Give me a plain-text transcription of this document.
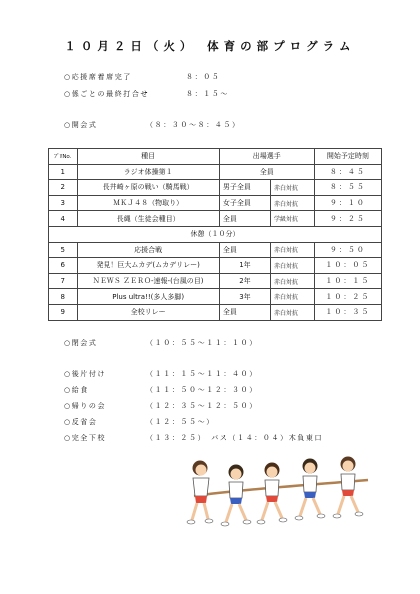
１０月２日（火）　体育の部プログラム
○応援席着席完了	８：０５
○係ごとの最終打合せ	８：１５～
○開会式	（８：３０～８：４５）
ﾌﾟﾛNo.	種目	出場選手		開始予定時刻
1	ラジオ体操第１	全員		８：４５
2	長井崎ヶ原の戦い（騎馬戦）	男子全員	赤白対抗	８：５５
3	ＭＫＪ４８（物取り）	女子全員	赤白対抗	９：１０
4	長縄（生徒会種目）	全員	学級対抗	９：２５
休憩（１０分）				
5	応援合戦	全員	赤白対抗	９：５０
6	発見！巨大ムカデ(ムカデリレー)	1年	赤白対抗	１０：０５
7	ＮＥＷＳ ＺＥＲＯ-速報-(台風の目)	2年	赤白対抗	１０：１５
8	Plus ultra!!(多人多脚)	3年	赤白対抗	１０：２５
9	全校リレー	全員	赤白対抗	１０：３５
○閉会式	（１０：５５～１１：１０）
○後片付け	（１１：１５～１１：４０）
○給食	（１１：５０～１２：３０）
○帰りの会	（１２：３５～１２：５０）
○反省会	（１２：５５～）
○完全下校	（１３：２５）　バス（１４：０４）木負東口
